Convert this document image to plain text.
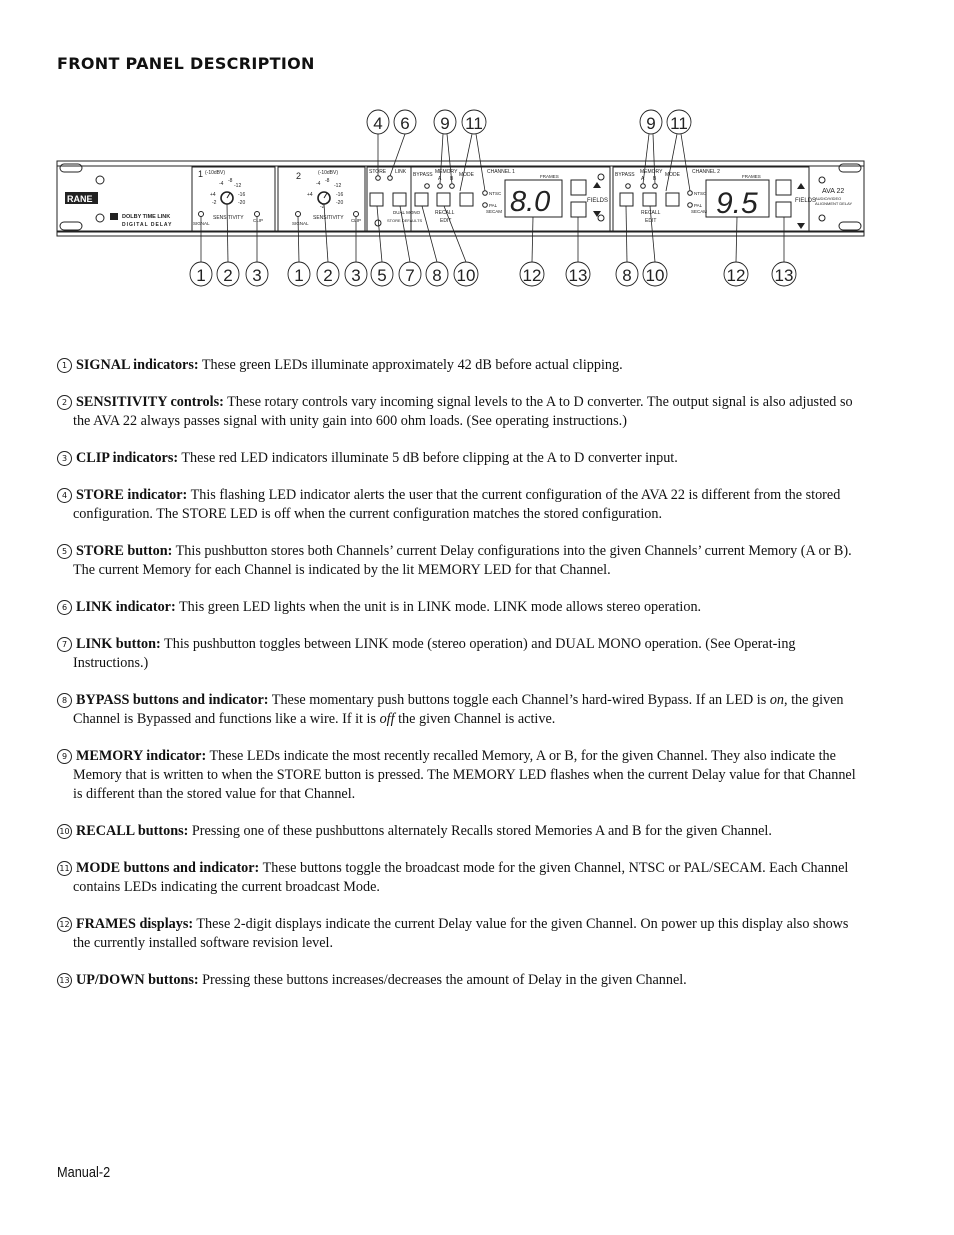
FRONT PANEL DESCRIPTION
RANE
DOLBY TIME LINK
DIGITAL DELAY
1 (-10dBV)
-4 -8
-12
+4	-16
-20
-2
SIGNAL
SENSITIVITY CLIP
2	(-10dBV)
-4 -8
-12
+4	-16
-20
-2
SIGNAL
SENSITIVITY CLIP
STORE LINK
DUAL MONO
STORE DEFAULTS
BYPASS MEMORY
A B
MODE
RECALL
EDIT
NTSC
PAL
SECAM
CHANNEL 1
FRAMES
FIELDS
8.0
BYPASS MEMORY
A B
MODE
RECALL
EDIT
NTSC
PAL
SECAM
CHANNEL 2
FRAMES
FIELDS
9.5	AVA 22
AUDIO/VIDEO
ALIGNMENT DELAY
4 6 9 11	9 11
1 2 3 1 2 3 5 7 8 10	12 13 8 10	12 13

1 SIGNAL indicators: These green LEDs illuminate approximately 42 dB before actual clipping.

2 SENSITIVITY controls: These rotary controls vary incoming signal levels to the A to D converter. The output signal is also adjusted so the AVA 22 always passes signal with unity gain into 600 ohm loads. (See operating instructions.)

3 CLIP indicators: These red LED indicators illuminate 5 dB before clipping at the A to D converter input.

4 STORE indicator: This flashing LED indicator alerts the user that the current configuration of the AVA 22 is different from the stored configuration. The STORE LED is off when the current configuration matches the stored configuration.

5 STORE button: This pushbutton stores both Channels’ current Delay configurations into the given Channels’ current Memory (A or B). The current Memory for each Channel is indicated by the lit MEMORY LED for that Channel.

6 LINK indicator: This green LED lights when the unit is in LINK mode. LINK mode allows stereo operation.

7 LINK button: This pushbutton toggles between LINK mode (stereo operation) and DUAL MONO operation. (See Operat-ing Instructions.)

8 BYPASS buttons and indicator: These momentary push buttons toggle each Channel’s hard-wired Bypass. If an LED is on, the given Channel is Bypassed and functions like a wire. If it is off the given Channel is active.

9 MEMORY indicator: These LEDs indicate the most recently recalled Memory, A or B, for the given Channel. They also indicate the Memory that is written to when the STORE button is pressed. The MEMORY LED flashes when the current Delay value for that Channel is different than the stored value for that Channel.

10 RECALL buttons: Pressing one of these pushbuttons alternately Recalls stored Memories A and B for the given Channel.

11 MODE buttons and indicator: These buttons toggle the broadcast mode for the given Channel, NTSC or PAL/SECAM. Each Channel contains LEDs indicating the current broadcast Mode.

12 FRAMES displays: These 2-digit displays indicate the current Delay value for the given Channel. On power up this display also shows the currently installed software revision level.

13 UP/DOWN buttons: Pressing these buttons increases/decreases the amount of Delay in the given Channel.

Manual-2
